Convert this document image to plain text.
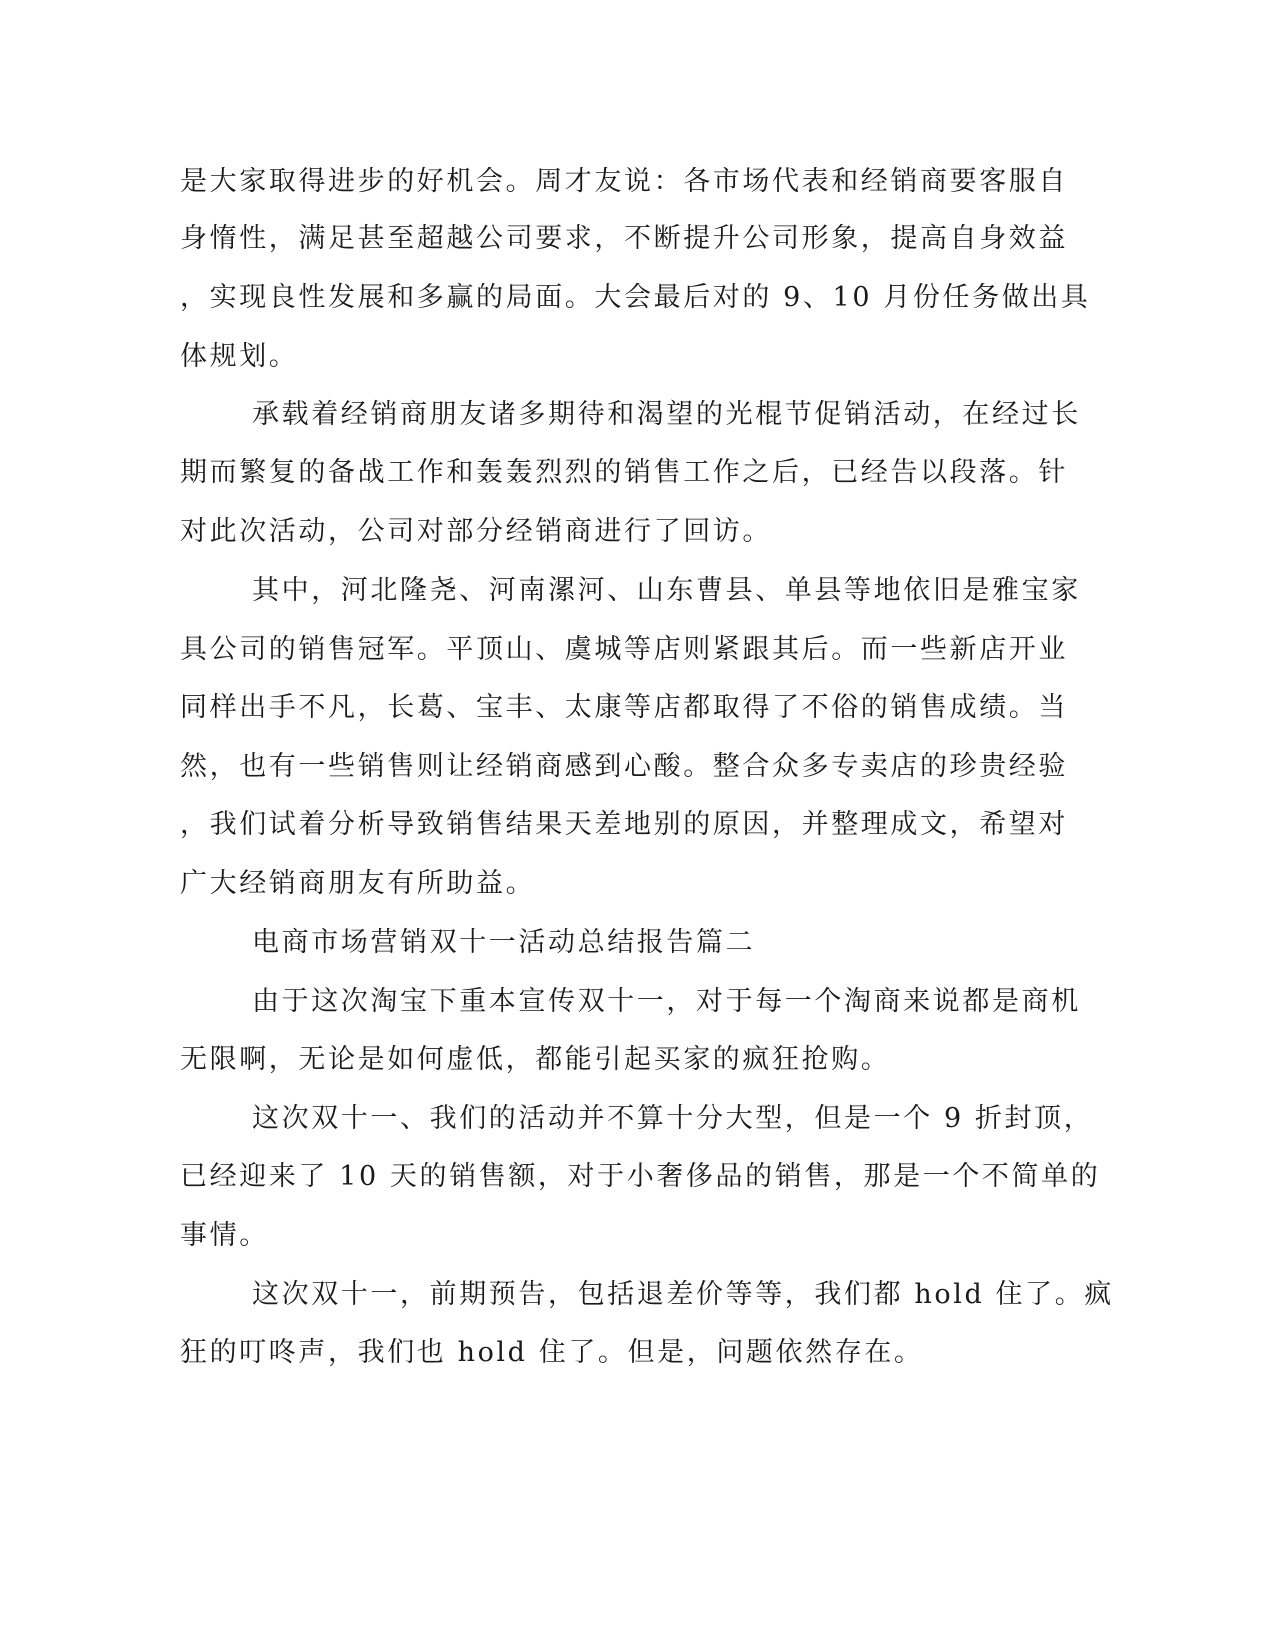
是大家取得进步的好机会。周才友说：各市场代表和经销商要客服自

身惰性，满足甚至超越公司要求，不断提升公司形象，提高自身效益

，实现良性发展和多赢的局面。大会最后对的 9、10 月份任务做出具

体规划。

承载着经销商朋友诸多期待和渴望的光棍节促销活动，在经过长

期而繁复的备战工作和轰轰烈烈的销售工作之后，已经告以段落。针

对此次活动，公司对部分经销商进行了回访。

其中，河北隆尧、河南漯河、山东曹县、单县等地依旧是雅宝家

具公司的销售冠军。平顶山、虞城等店则紧跟其后。而一些新店开业

同样出手不凡，长葛、宝丰、太康等店都取得了不俗的销售成绩。当

然，也有一些销售则让经销商感到心酸。整合众多专卖店的珍贵经验

，我们试着分析导致销售结果天差地别的原因，并整理成文，希望对

广大经销商朋友有所助益。

电商市场营销双十一活动总结报告篇二

由于这次淘宝下重本宣传双十一，对于每一个淘商来说都是商机

无限啊，无论是如何虚低，都能引起买家的疯狂抢购。

这次双十一、我们的活动并不算十分大型，但是一个 9 折封顶，

已经迎来了 10 天的销售额，对于小奢侈品的销售，那是一个不简单的

事情。

这次双十一，前期预告，包括退差价等等，我们都 hold 住了。疯

狂的叮咚声，我们也 hold 住了。但是，问题依然存在。
